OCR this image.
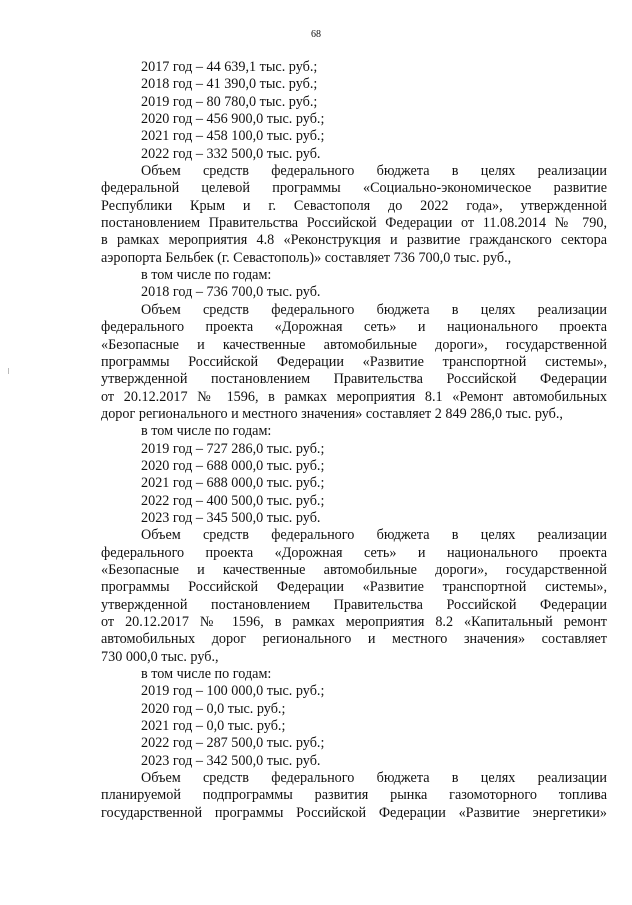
68
2017 год – 44 639,1 тыс. руб.;
2018 год – 41 390,0 тыс. руб.;
2019 год – 80 780,0 тыс. руб.;
2020 год – 456 900,0 тыс. руб.;
2021 год – 458 100,0 тыс. руб.;
2022 год – 332 500,0 тыс. руб.
Объем средств федерального бюджета в целях реализации
федеральной целевой программы «Социально-экономическое развитие
Республики Крым и г. Севастополя до 2022 года», утвержденной
постановлением Правительства Российской Федерации от 11.08.2014 № 790,
в рамках мероприятия 4.8 «Реконструкция и развитие гражданского сектора
аэропорта Бельбек (г. Севастополь)» составляет 736 700,0 тыс. руб.,
в том числе по годам:
2018 год – 736 700,0 тыс. руб.
Объем средств федерального бюджета в целях реализации
федерального проекта «Дорожная сеть» и национального проекта
«Безопасные и качественные автомобильные дороги», государственной
программы Российской Федерации «Развитие транспортной системы»,
утвержденной постановлением Правительства Российской Федерации
от 20.12.2017 № 1596, в рамках мероприятия 8.1 «Ремонт автомобильных
дорог регионального и местного значения» составляет 2 849 286,0 тыс. руб.,
в том числе по годам:
2019 год – 727 286,0 тыс. руб.;
2020 год – 688 000,0 тыс. руб.;
2021 год – 688 000,0 тыс. руб.;
2022 год – 400 500,0 тыс. руб.;
2023 год – 345 500,0 тыс. руб.
Объем средств федерального бюджета в целях реализации
федерального проекта «Дорожная сеть» и национального проекта
«Безопасные и качественные автомобильные дороги», государственной
программы Российской Федерации «Развитие транспортной системы»,
утвержденной постановлением Правительства Российской Федерации
от 20.12.2017 № 1596, в рамках мероприятия 8.2 «Капитальный ремонт
автомобильных дорог регионального и местного значения» составляет
730 000,0 тыс. руб.,
в том числе по годам:
2019 год – 100 000,0 тыс. руб.;
2020 год – 0,0 тыс. руб.;
2021 год – 0,0 тыс. руб.;
2022 год – 287 500,0 тыс. руб.;
2023 год – 342 500,0 тыс. руб.
Объем средств федерального бюджета в целях реализации
планируемой подпрограммы развития рынка газомоторного топлива
государственной программы Российской Федерации «Развитие энергетики»
